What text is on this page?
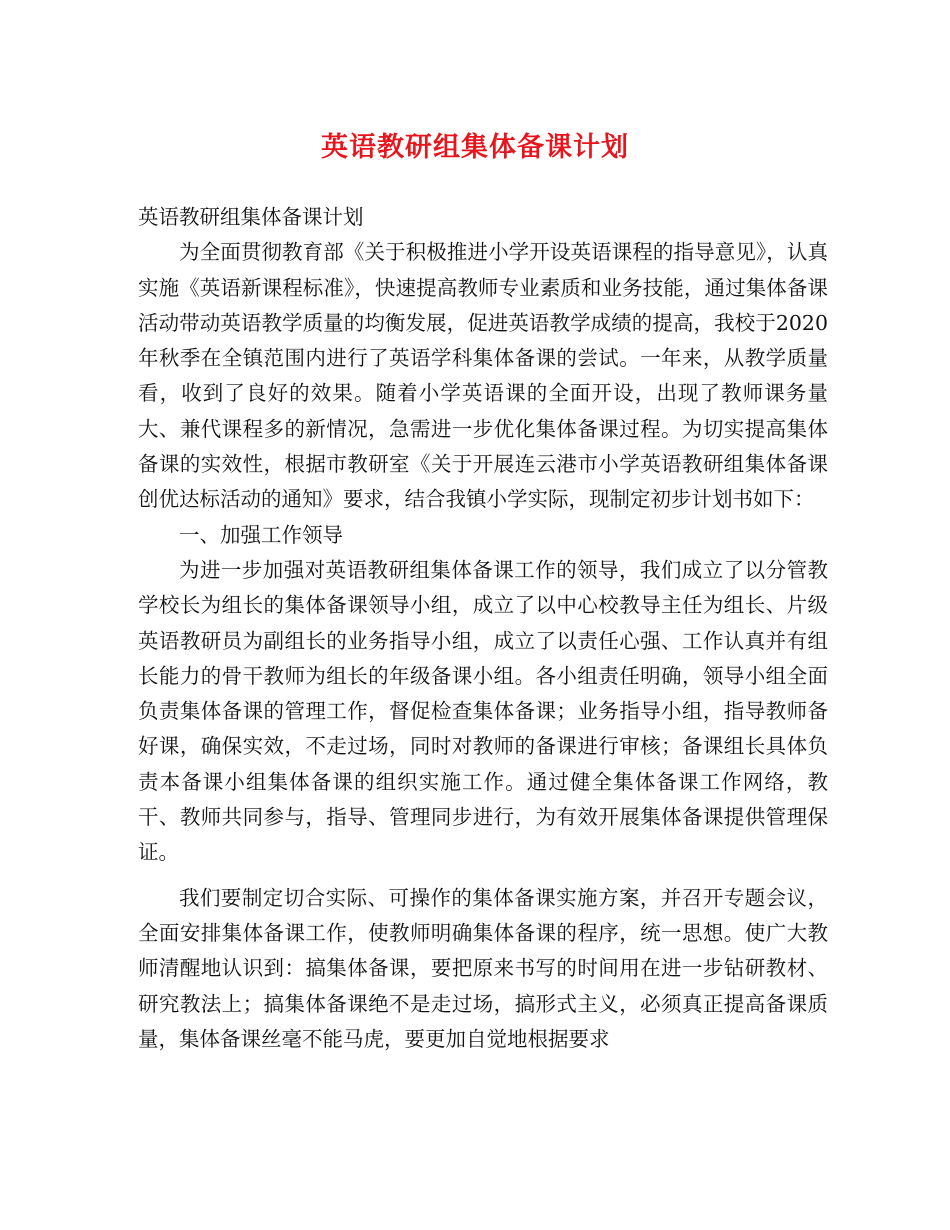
英语教研组集体备课计划

英语教研组集体备课计划

为全面贯彻教育部《关于积极推进小学开设英语课程的指导意见》，认真实施《英语新课程标准》，快速提高教师专业素质和业务技能，通过集体备课活动带动英语教学质量的均衡发展，促进英语教学成绩的提高，我校于2020年秋季在全镇范围内进行了英语学科集体备课的尝试。一年来，从教学质量看，收到了良好的效果。随着小学英语课的全面开设，出现了教师课务量大、兼代课程多的新情况，急需进一步优化集体备课过程。为切实提高集体备课的实效性，根据市教研室《关于开展连云港市小学英语教研组集体备课创优达标活动的通知》要求，结合我镇小学实际，现制定初步计划书如下：

一、加强工作领导

为进一步加强对英语教研组集体备课工作的领导，我们成立了以分管教学校长为组长的集体备课领导小组，成立了以中心校教导主任为组长、片级英语教研员为副组长的业务指导小组，成立了以责任心强、工作认真并有组长能力的骨干教师为组长的年级备课小组。各小组责任明确，领导小组全面负责集体备课的管理工作，督促检查集体备课；业务指导小组，指导教师备好课，确保实效，不走过场，同时对教师的备课进行审核；备课组长具体负责本备课小组集体备课的组织实施工作。通过健全集体备课工作网络，教干、教师共同参与，指导、管理同步进行，为有效开展集体备课提供管理保证。

我们要制定切合实际、可操作的集体备课实施方案，并召开专题会议，全面安排集体备课工作，使教师明确集体备课的程序，统一思想。使广大教师清醒地认识到：搞集体备课，要把原来书写的时间用在进一步钻研教材、研究教法上；搞集体备课绝不是走过场，搞形式主义，必须真正提高备课质量，集体备课丝毫不能马虎，要更加自觉地根据要求
